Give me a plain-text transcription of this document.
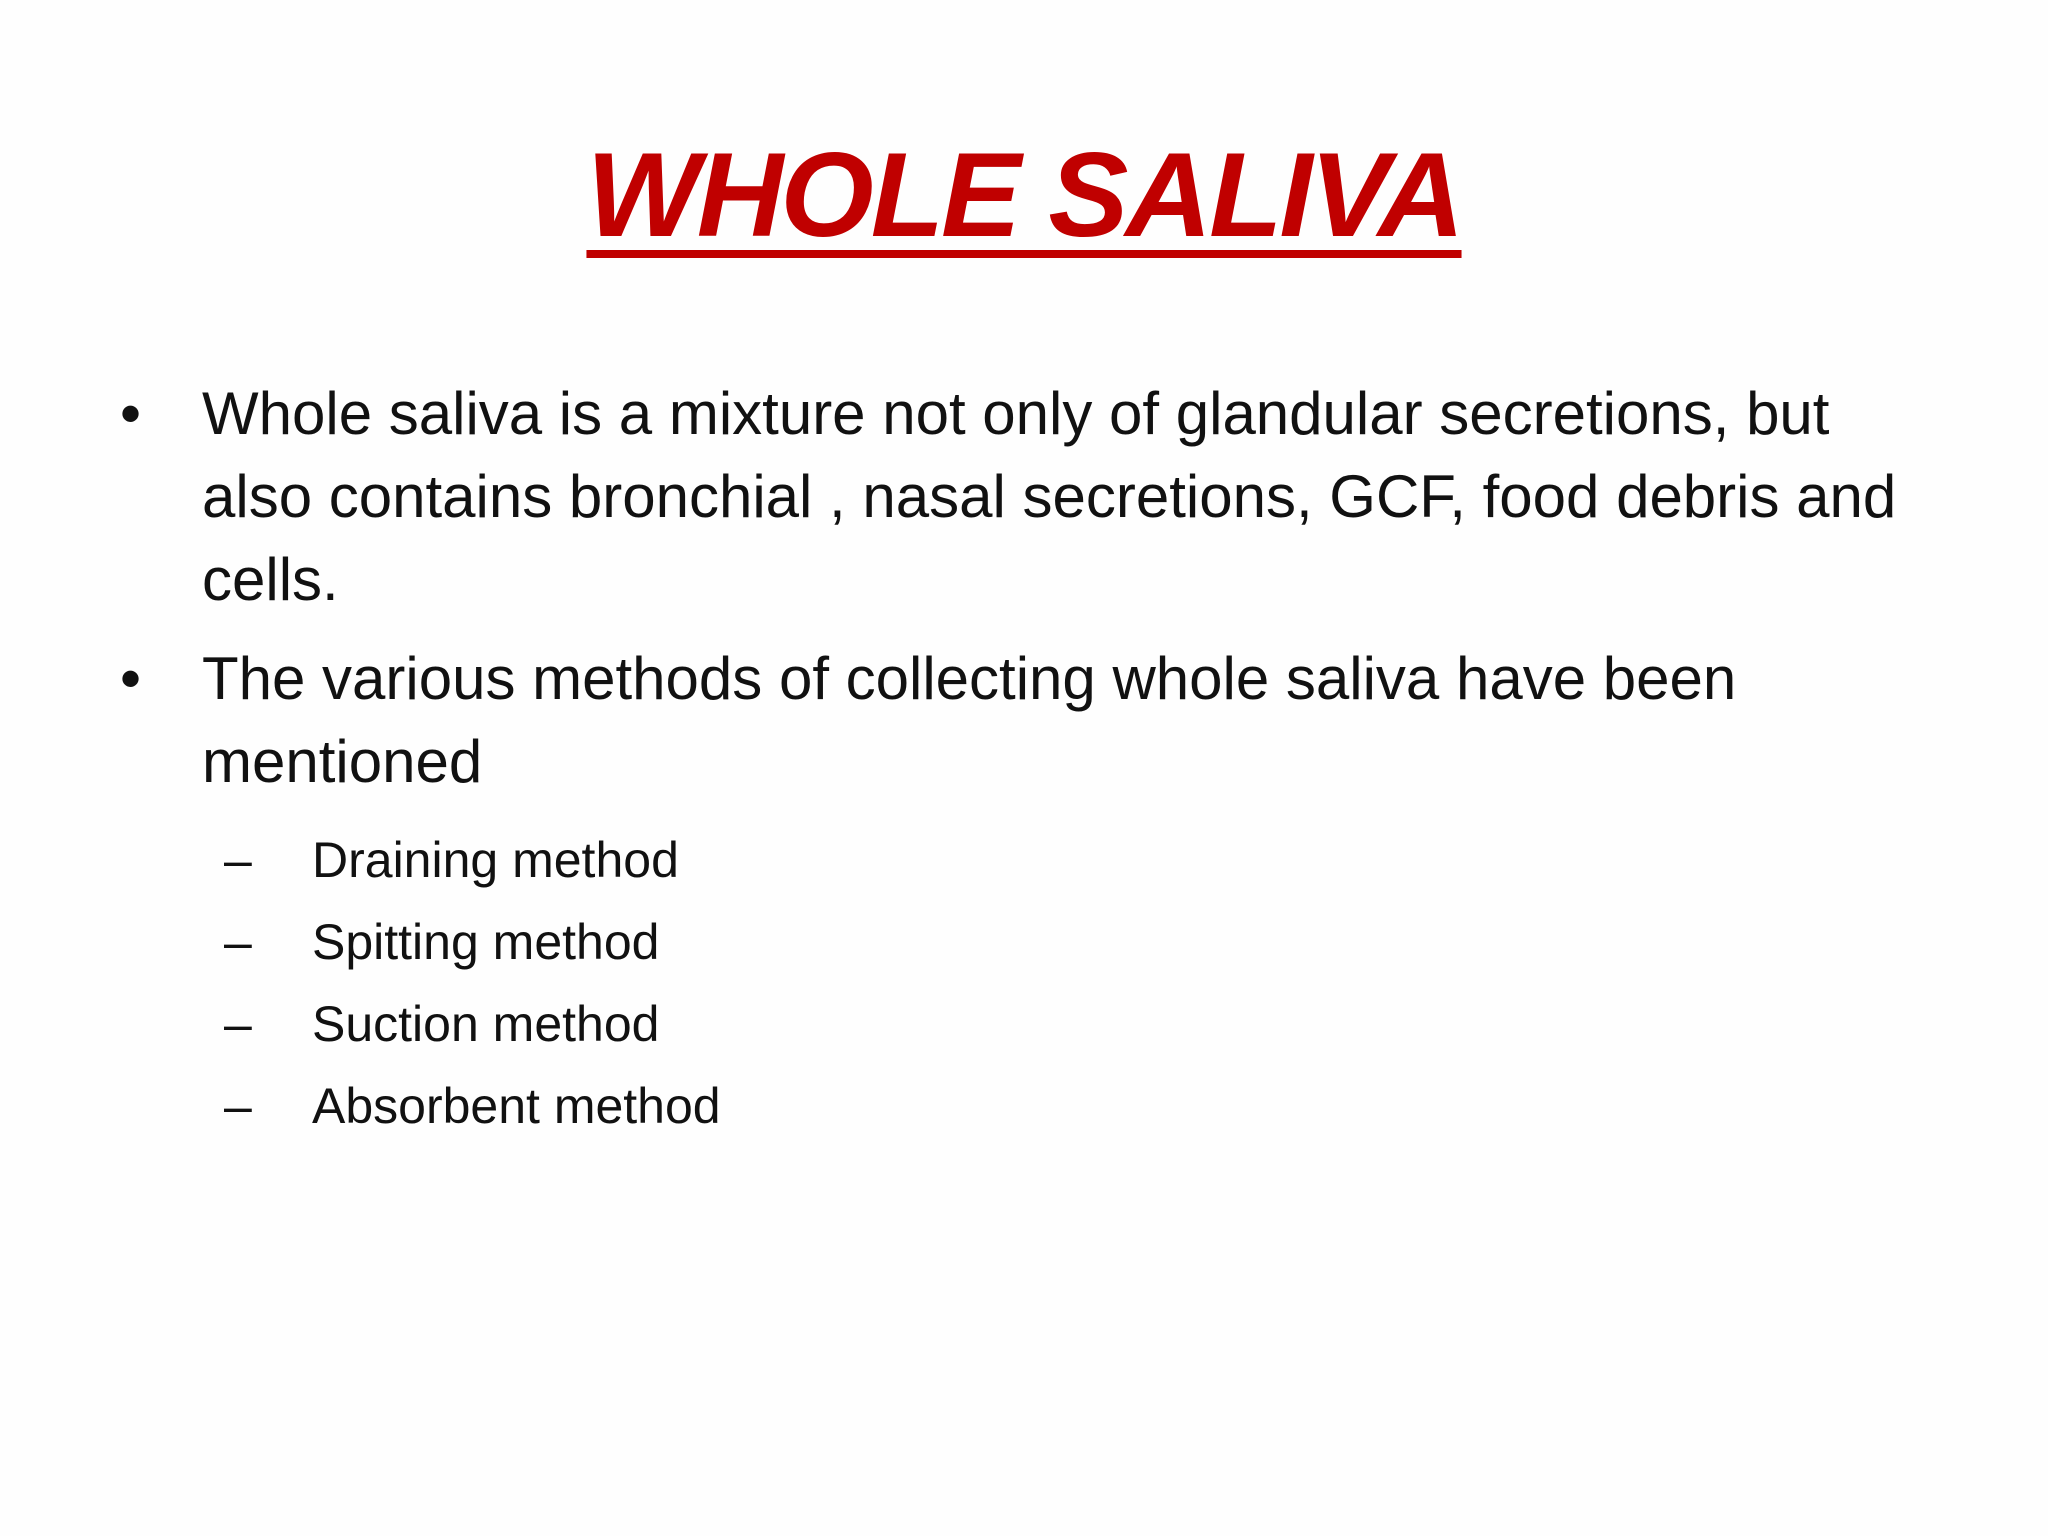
WHOLE SALIVA
•	Whole saliva is a mixture not only of glandular secretions, but also contains bronchial , nasal secretions, GCF, food debris and cells.
•	The various methods of collecting whole saliva have been mentioned
– Draining method
– Spitting method
– Suction method
– Absorbent method
